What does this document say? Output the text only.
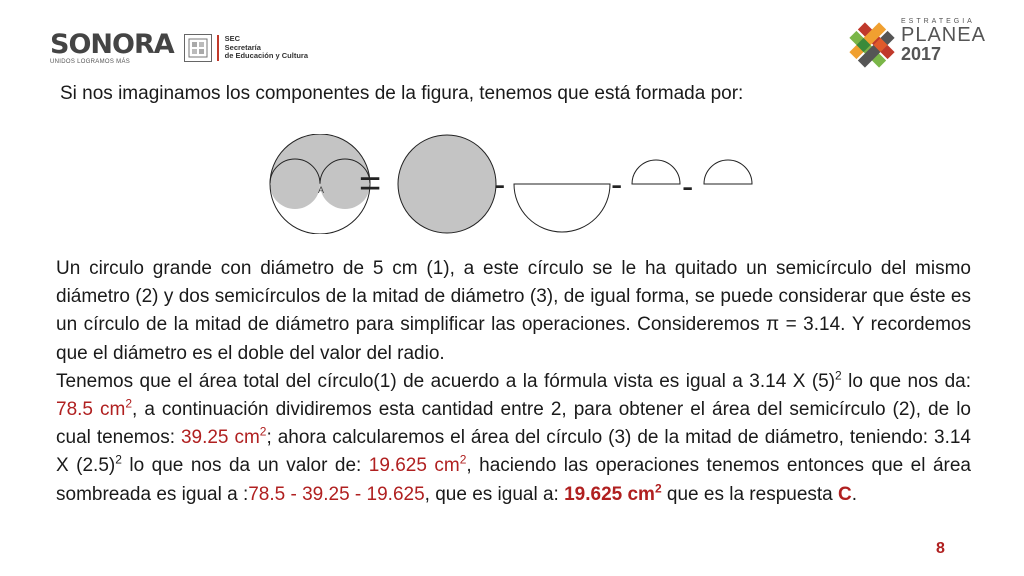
SONORA
UNIDOS LOGRAMOS MÁS
SEC
Secretaría
de Educación y Cultura
ESTRATEGIA
PLANEA
2017

Si nos imaginamos los componentes de la figura, tenemos que está formada por:

A =	-	- -

Un circulo grande con diámetro de 5 cm (1), a este círculo se le ha quitado un semicírculo del mismo diámetro (2) y dos semicírculos de la mitad de diámetro (3), de igual forma, se puede considerar que éste es un círculo de la mitad de diámetro para simplificar las operaciones. Consideremos π = 3.14. Y recordemos que el diámetro es el doble del valor del radio.

Tenemos que el área total del círculo(1) de acuerdo a la fórmula vista es igual a 3.14 X $(5)^2$ lo que nos da: 78.5 $cm^2$, a continuación dividiremos esta cantidad entre 2, para obtener el área del semicírculo (2), de lo cual tenemos: 39.25 $cm^2$; ahora calcularemos el área del círculo (3) de la mitad de diámetro, teniendo: 3.14 X $(2.5)^2$ lo que nos da un valor de: 19.625 $cm^2$, haciendo las operaciones tenemos entonces que el área sombreada es igual a :78.5 - 39.25 - 19.625, que es igual a: 19.625 $cm^2$ que es la respuesta C.

8
